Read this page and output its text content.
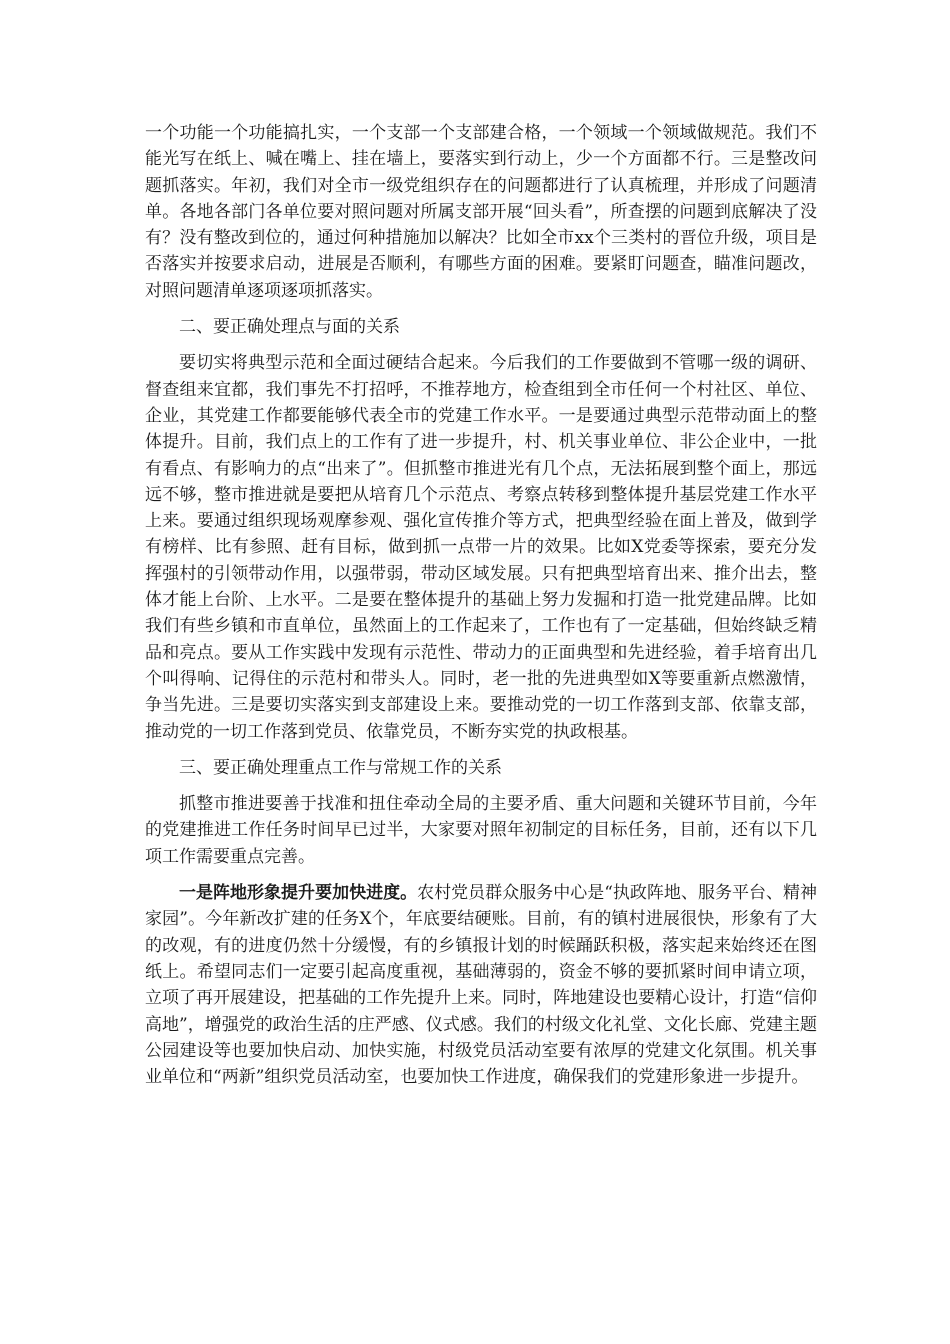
一个功能一个功能搞扎实，一个支部一个支部建合格，一个领域一个领域做规范。我们不能光写在纸上、喊在嘴上、挂在墙上，要落实到行动上，少一个方面都不行。三是整改问题抓落实。年初，我们对全市一级党组织存在的问题都进行了认真梳理，并形成了问题清单。各地各部门各单位要对照问题对所属支部开展“回头看”，所查摆的问题到底解决了没有？没有整改到位的，通过何种措施加以解决？比如全市xx个三类村的晋位升级，项目是否落实并按要求启动，进展是否顺利，有哪些方面的困难。要紧盯问题查，瞄准问题改，对照问题清单逐项逐项抓落实。

二、要正确处理点与面的关系

要切实将典型示范和全面过硬结合起来。今后我们的工作要做到不管哪一级的调研、督查组来宜都，我们事先不打招呼，不推荐地方，检查组到全市任何一个村社区、单位、企业，其党建工作都要能够代表全市的党建工作水平。一是要通过典型示范带动面上的整体提升。目前，我们点上的工作有了进一步提升，村、机关事业单位、非公企业中，一批有看点、有影响力的点“出来了”。但抓整市推进光有几个点，无法拓展到整个面上，那远远不够，整市推进就是要把从培育几个示范点、考察点转移到整体提升基层党建工作水平上来。要通过组织现场观摩参观、强化宣传推介等方式，把典型经验在面上普及，做到学有榜样、比有参照、赶有目标，做到抓一点带一片的效果。比如X党委等探索，要充分发挥强村的引领带动作用，以强带弱，带动区域发展。只有把典型培育出来、推介出去，整体才能上台阶、上水平。二是要在整体提升的基础上努力发掘和打造一批党建品牌。比如我们有些乡镇和市直单位，虽然面上的工作起来了，工作也有了一定基础，但始终缺乏精品和亮点。要从工作实践中发现有示范性、带动力的正面典型和先进经验，着手培育出几个叫得响、记得住的示范村和带头人。同时，老一批的先进典型如X等要重新点燃激情，争当先进。三是要切实落实到支部建设上来。要推动党的一切工作落到支部、依靠支部，推动党的一切工作落到党员、依靠党员，不断夯实党的执政根基。

三、要正确处理重点工作与常规工作的关系

抓整市推进要善于找准和扭住牵动全局的主要矛盾、重大问题和关键环节目前，今年的党建推进工作任务时间早已过半，大家要对照年初制定的目标任务，目前，还有以下几项工作需要重点完善。

一是阵地形象提升要加快进度。农村党员群众服务中心是“执政阵地、服务平台、精神家园”。今年新改扩建的任务X个，年底要结硬账。目前，有的镇村进展很快，形象有了大的改观，有的进度仍然十分缓慢，有的乡镇报计划的时候踊跃积极，落实起来始终还在图纸上。希望同志们一定要引起高度重视，基础薄弱的，资金不够的要抓紧时间申请立项，立项了再开展建设，把基础的工作先提升上来。同时，阵地建设也要精心设计，打造“信仰高地”，增强党的政治生活的庄严感、仪式感。我们的村级文化礼堂、文化长廊、党建主题公园建设等也要加快启动、加快实施，村级党员活动室要有浓厚的党建文化氛围。机关事业单位和“两新”组织党员活动室，也要加快工作进度，确保我们的党建形象进一步提升。
